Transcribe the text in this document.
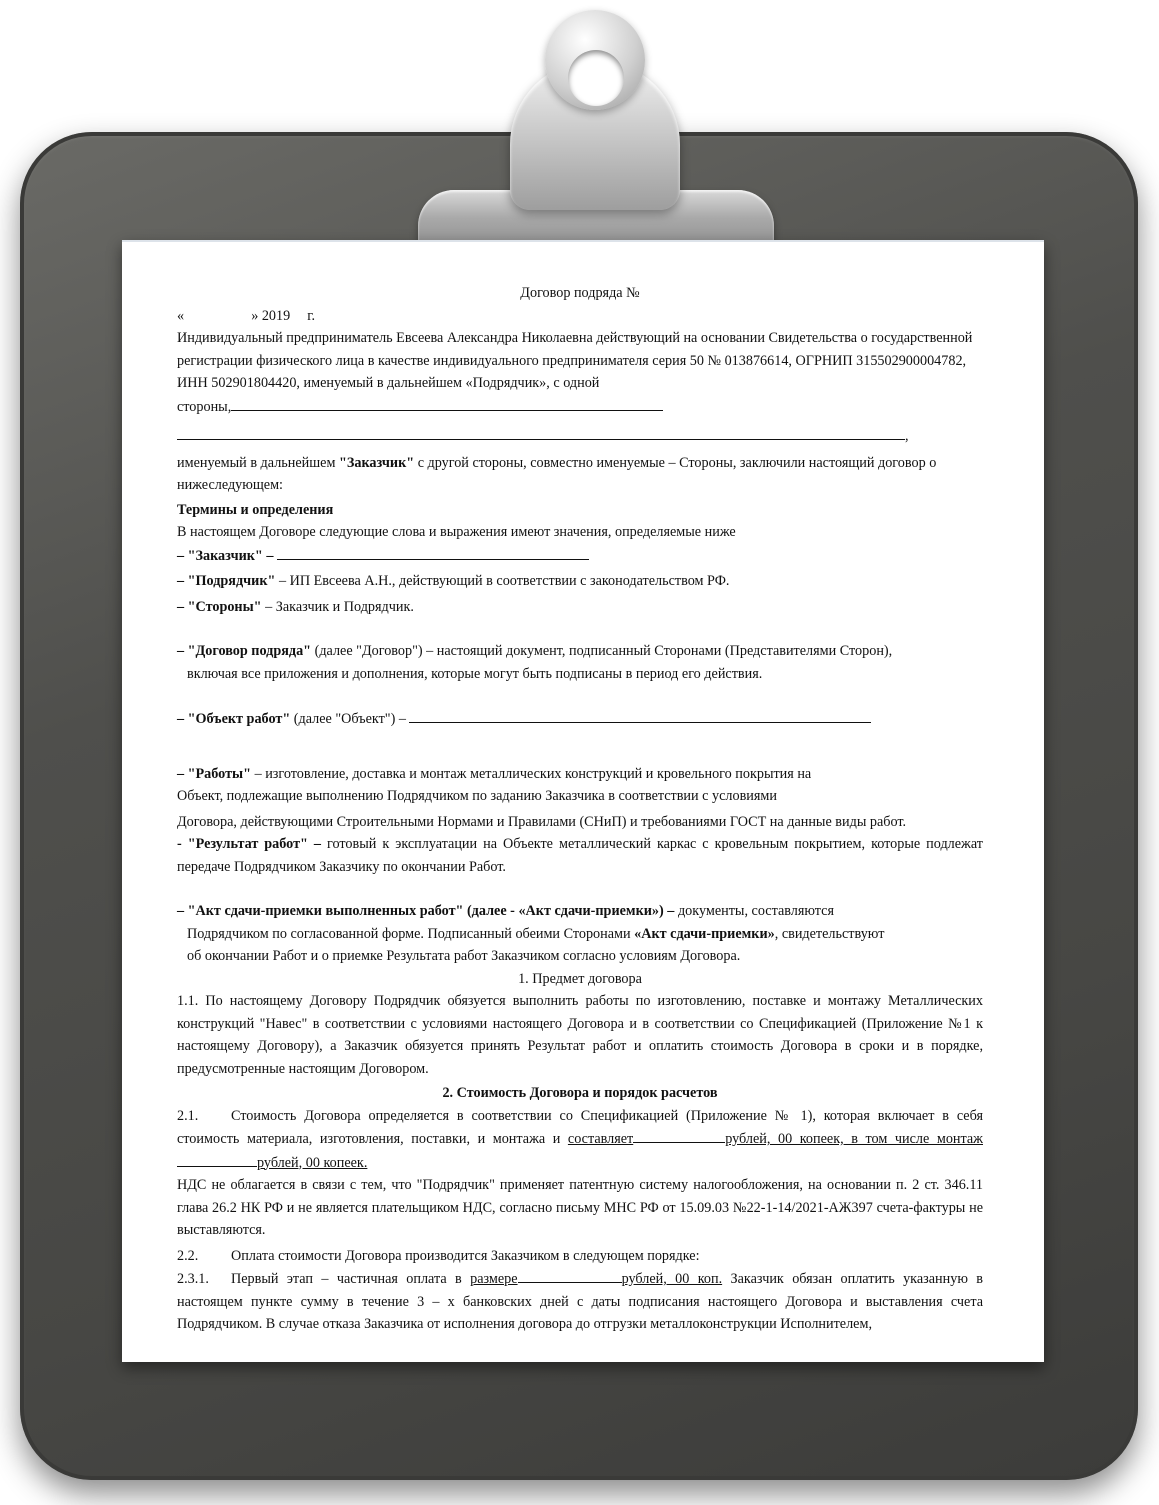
Договор подряда №

«	» 2019 г.

Индивидуальный предприниматель Евсеева Александра Николаевна действующий на основании Свидетельства о государственной регистрации физического лица в качестве индивидуального предпринимателя серия 50 № 013876614, ОГРНИП 315502900004782, ИНН 502901804420, именуемый в дальнейшем «Подрядчик», с одной

стороны,

,

именуемый в дальнейшем "Заказчик" с другой стороны, совместно именуемые – Стороны, заключили настоящий договор о нижеследующем:

Термины и определения

В настоящем Договоре следующие слова и выражения имеют значения, определяемые ниже

– "Заказчик" –

– "Подрядчик" – ИП Евсеева А.Н., действующий в соответствии с законодательством РФ.

– "Стороны" – Заказчик и Подрядчик.

– "Договор подряда" (далее "Договор") – настоящий документ, подписанный Сторонами (Представителями Сторон),

включая все приложения и дополнения, которые могут быть подписаны в период его действия.

– "Объект работ" (далее "Объект") –

– "Работы" – изготовление, доставка и монтаж металлических конструкций и кровельного покрытия на

Объект, подлежащие выполнению Подрядчиком по заданию Заказчика в соответствии с условиями

Договора, действующими Строительными Нормами и Правилами (СНиП) и требованиями ГОСТ на данные виды работ.

- "Результат работ" – готовый к эксплуатации на Объекте металлический каркас с кровельным покрытием, которые подлежат передаче Подрядчиком Заказчику по окончании Работ.

– "Акт сдачи-приемки выполненных работ" (далее - «Акт сдачи-приемки») – документы, составляются

Подрядчиком по согласованной форме. Подписанный обеими Сторонами «Акт сдачи-приемки», свидетельствуют

об окончании Работ и о приемке Результата работ Заказчиком согласно условиям Договора.

1. Предмет договора

1.1. По настоящему Договору Подрядчик обязуется выполнить работы по изготовлению, поставке и монтажу Металлических конструкций "Навес" в соответствии с условиями настоящего Договора и в соответствии со Спецификацией (Приложение №1 к настоящему Договору), а Заказчик обязуется принять Результат работ и оплатить стоимость Договора в сроки и в порядке, предусмотренные настоящим Договором.

2. Стоимость Договора и порядок расчетов

2.1. Стоимость Договора определяется в соответствии со Спецификацией (Приложение № 1), которая включает в себя стоимость материала, изготовления, поставки, и монтажа и составляет	рублей, 00 копеек, в том числе монтажрублей, 00 копеек.

НДС не облагается в связи с тем, что "Подрядчик" применяет патентную систему налогообложения, на основании п. 2 ст. 346.11 глава 26.2 НК РФ и не является плательщиком НДС, согласно письму МНС РФ от 15.09.03 №22-1-14/2021-АЖ397 счета-фактуры не выставляются.

2.2. Оплата стоимости Договора производится Заказчиком в следующем порядке:

2.3.1. Первый этап – частичная оплата в размере	рублей, 00 коп. Заказчик обязан оплатить указанную в настоящем пункте сумму в течение 3 – х банковских дней с даты подписания настоящего Договора и выставления счета Подрядчиком. В случае отказа Заказчика от исполнения договора до отгрузки металлоконструкции Исполнителем,
